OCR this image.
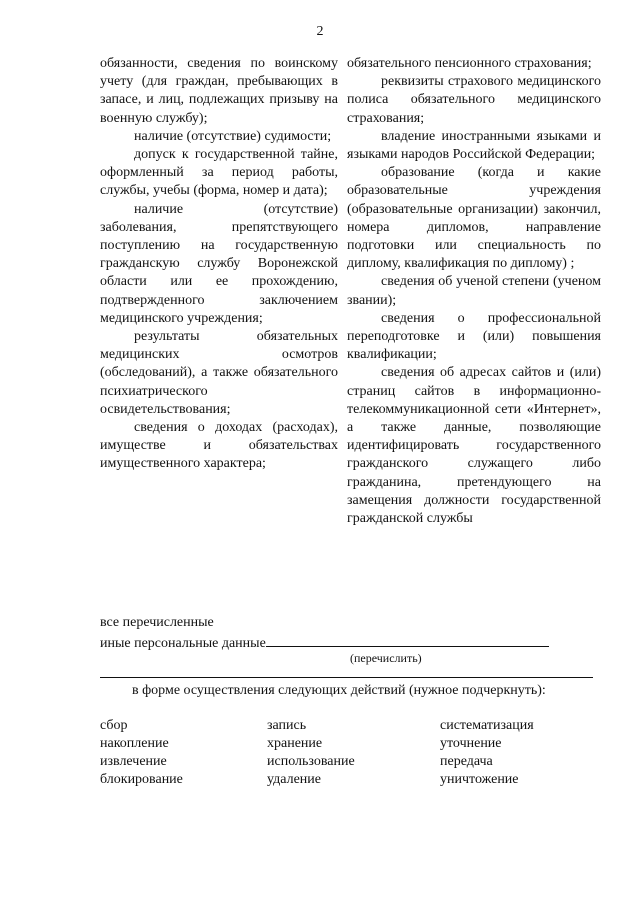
2

обязанности, сведения по воинскому учету (для граждан, пребывающих в запасе, и лиц, подлежащих призыву на военную службу);

наличие (отсутствие) судимости;

допуск к государственной тайне, оформленный за период работы, службы, учебы (форма, номер и дата);

наличие (отсутствие) заболевания, препятствующего поступлению на государственную гражданскую службу Воронежской области или ее прохождению, подтвержденного заключением медицинского учреждения;

результаты обязательных медицинских осмотров (обследований), а также обязательного психиатрического освидетельствования;

сведения о доходах (расходах), имуществе и обязательствах имущественного характера;

обязательного пенсионного страхования;

реквизиты страхового медицинского полиса обязательного медицинского страхования;

владение иностранными языками и языками народов Российской Федерации;

образование (когда и какие образовательные учреждения (образовательные организации) закончил, номера дипломов, направление подготовки или специальность по диплому, квалификация по диплому) ;

сведения об ученой степени (ученом звании);

сведения о профессиональной переподготовке и (или) повышения квалификации;

сведения об адресах сайтов и (или) страниц сайтов в информационно-телекоммуникационной сети «Интернет», а также данные, позволяющие идентифицировать государственного гражданского служащего либо гражданина, претендующего на замещения должности государственной гражданской службы

все перечисленные
иные персональные данные
(перечислить)
в форме осуществления следующих действий (нужное подчеркнуть):
сбор
накопление
извлечение
блокирование
запись
хранение
использование
удаление
систематизация
уточнение
передача
уничтожение
